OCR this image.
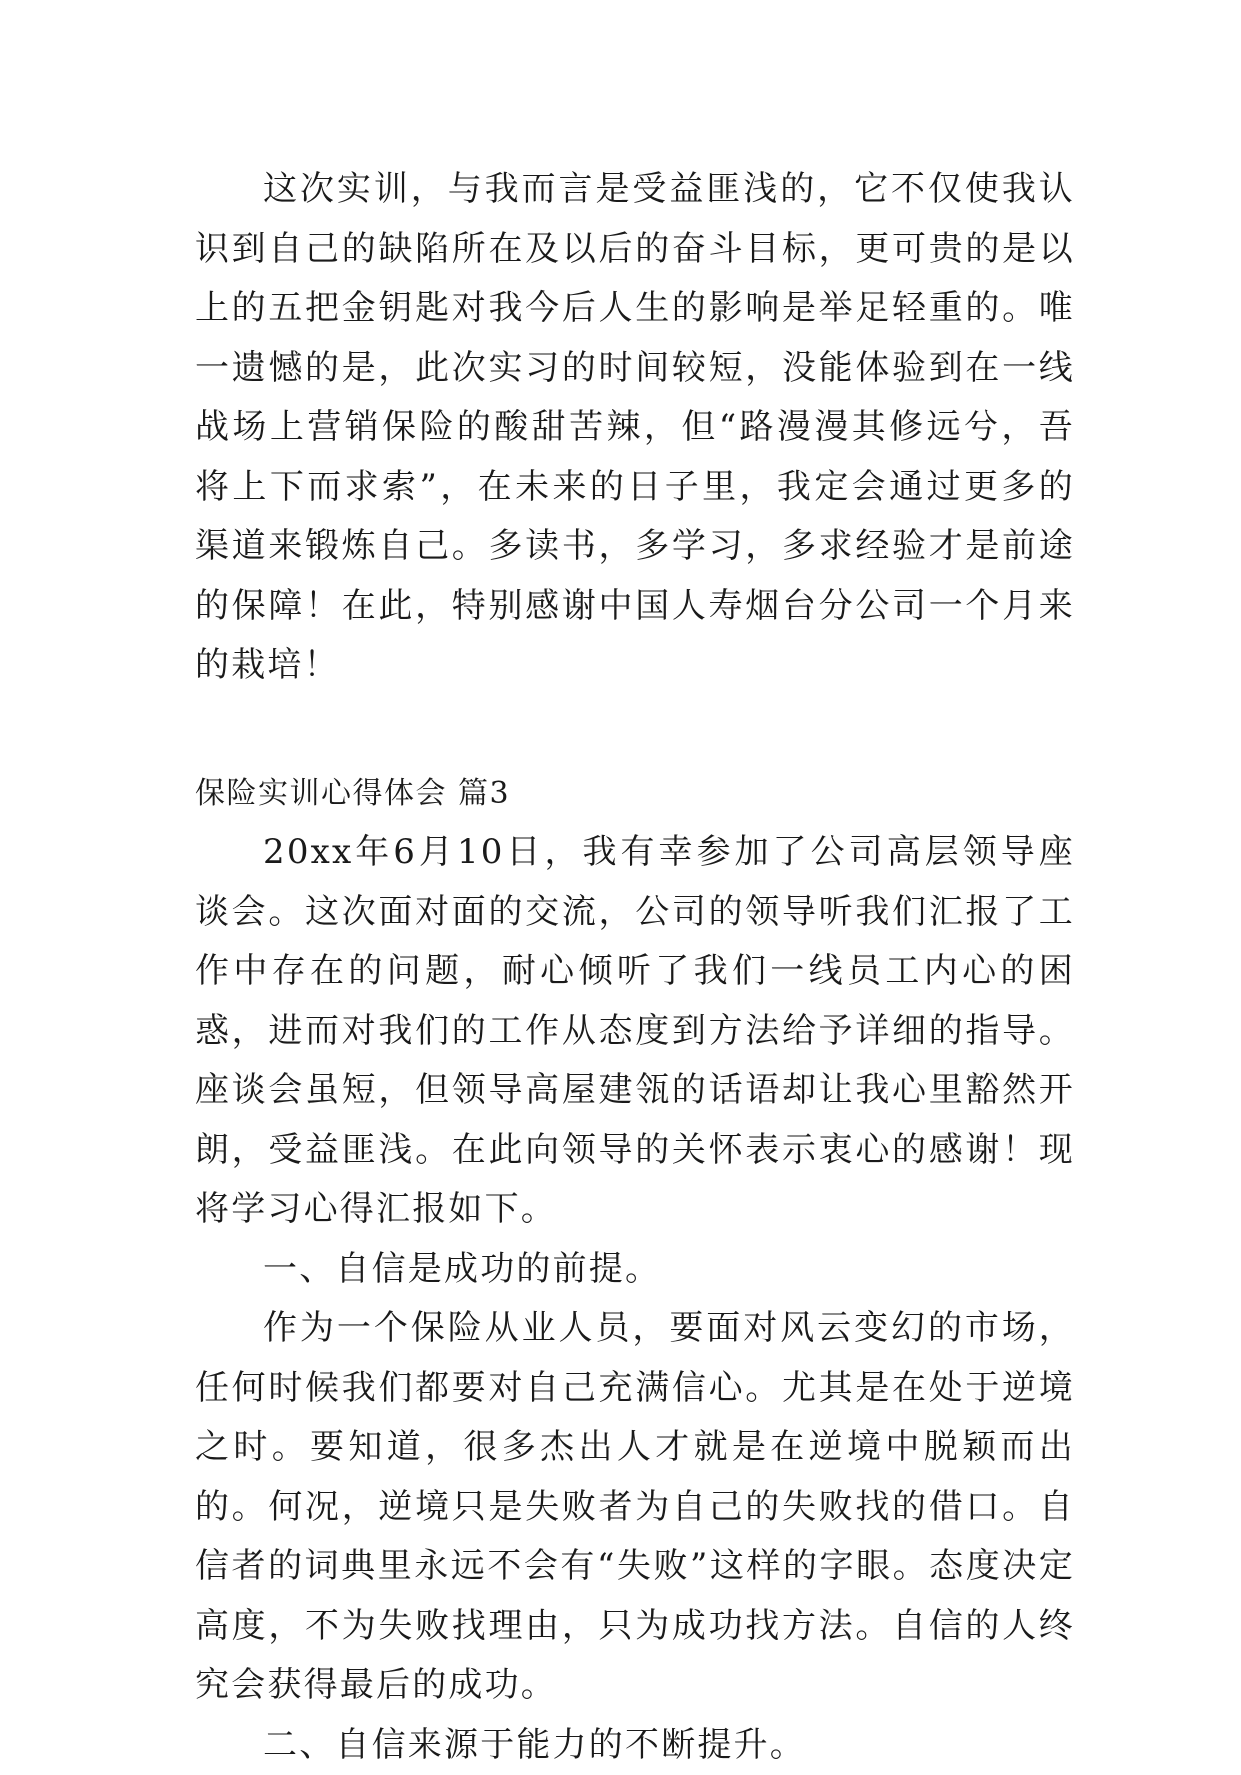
这次实训，与我而言是受益匪浅的，它不仅使我认识到自己的缺陷所在及以后的奋斗目标，更可贵的是以上的五把金钥匙对我今后人生的影响是举足轻重的。唯一遗憾的是，此次实习的时间较短，没能体验到在一线战场上营销保险的酸甜苦辣，但“路漫漫其修远兮，吾将上下而求索”，在未来的日子里，我定会通过更多的渠道来锻炼自己。多读书，多学习，多求经验才是前途的保障！在此，特别感谢中国人寿烟台分公司一个月来的栽培！

保险实训心得体会 篇3

20xx年6月10日，我有幸参加了公司高层领导座谈会。这次面对面的交流，公司的领导听我们汇报了工作中存在的问题，耐心倾听了我们一线员工内心的困惑，进而对我们的工作从态度到方法给予详细的指导。座谈会虽短，但领导高屋建瓴的话语却让我心里豁然开朗，受益匪浅。在此向领导的关怀表示衷心的感谢！现将学习心得汇报如下。

一、自信是成功的前提。

作为一个保险从业人员，要面对风云变幻的市场，任何时候我们都要对自己充满信心。尤其是在处于逆境之时。要知道，很多杰出人才就是在逆境中脱颖而出的。何况，逆境只是失败者为自己的失败找的借口。自信者的词典里永远不会有“失败”这样的字眼。态度决定高度，不为失败找理由，只为成功找方法。自信的人终究会获得最后的成功。

二、自信来源于能力的不断提升。
